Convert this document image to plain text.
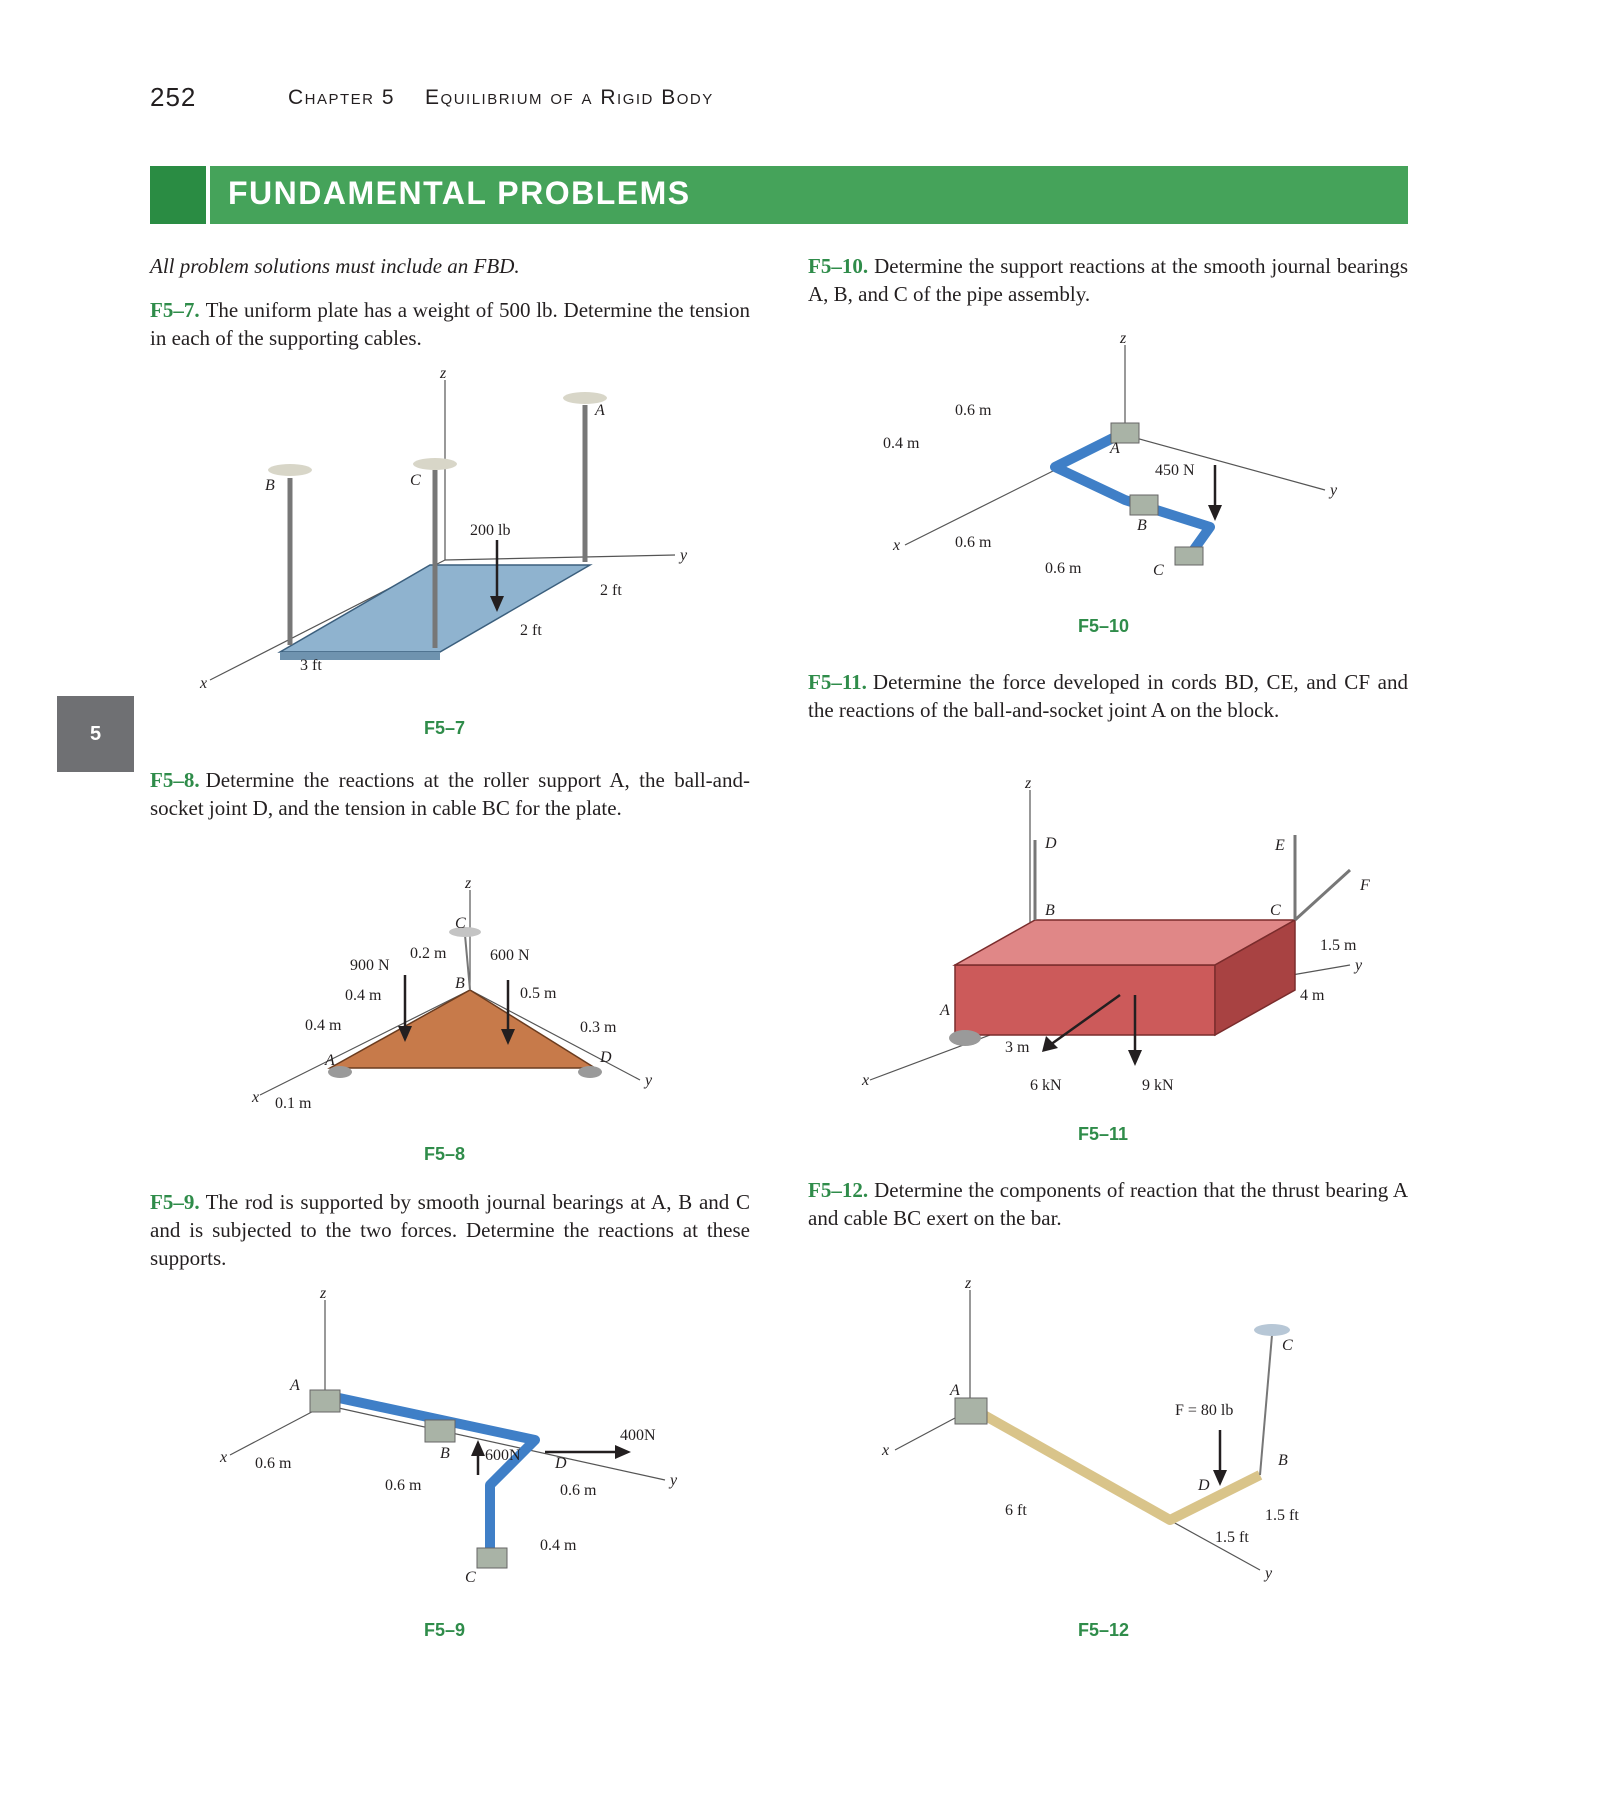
252	Chapter 5 Equilibrium of a Rigid Body
FUNDAMENTAL PROBLEMS
5

All problem solutions must include an FBD.

F5–7. The uniform plate has a weight of 500 lb. Determine the tension in each of the supporting cables.

F5–8. Determine the reactions at the roller support A, the ball-and-socket joint D, and the tension in cable BC for the plate.

F5–9. The rod is supported by smooth journal bearings at A, B and C and is subjected to the two forces. Determine the reactions at these supports.

F5–10. Determine the support reactions at the smooth journal bearings A, B, and C of the pipe assembly.

F5–11. Determine the force developed in cords BD, CE, and CF and the reactions of the ball-and-socket joint A on the block.

F5–12. Determine the components of reaction that the thrust bearing A and cable BC exert on the bar.

F5–7
F5–8
F5–9
F5–10
F5–11
F5–12
z
y
x
B	C
A
200 lb
2 ft
2 ft
3 ft
z
y
x
C
B
A	D
900 N
600 N
0.2 m
0.4 m
0.4 m
0.5 m
0.3 m
0.1 m
z
y
x
A
B
C
D
600N
400N
0.6 m
0.6 m	0.6 m
0.4 m
z
y
x
A
B
C
450 N
0.6 m
0.4 m
0.6 m
0.6 m
z
y
x
A
B	C
D	E
F
6 kN	9 kN
1.5 m
4 m
3 m
z
y
x
A
B
C
D
F = 80 lb
6 ft	1.5 ft
1.5 ft
